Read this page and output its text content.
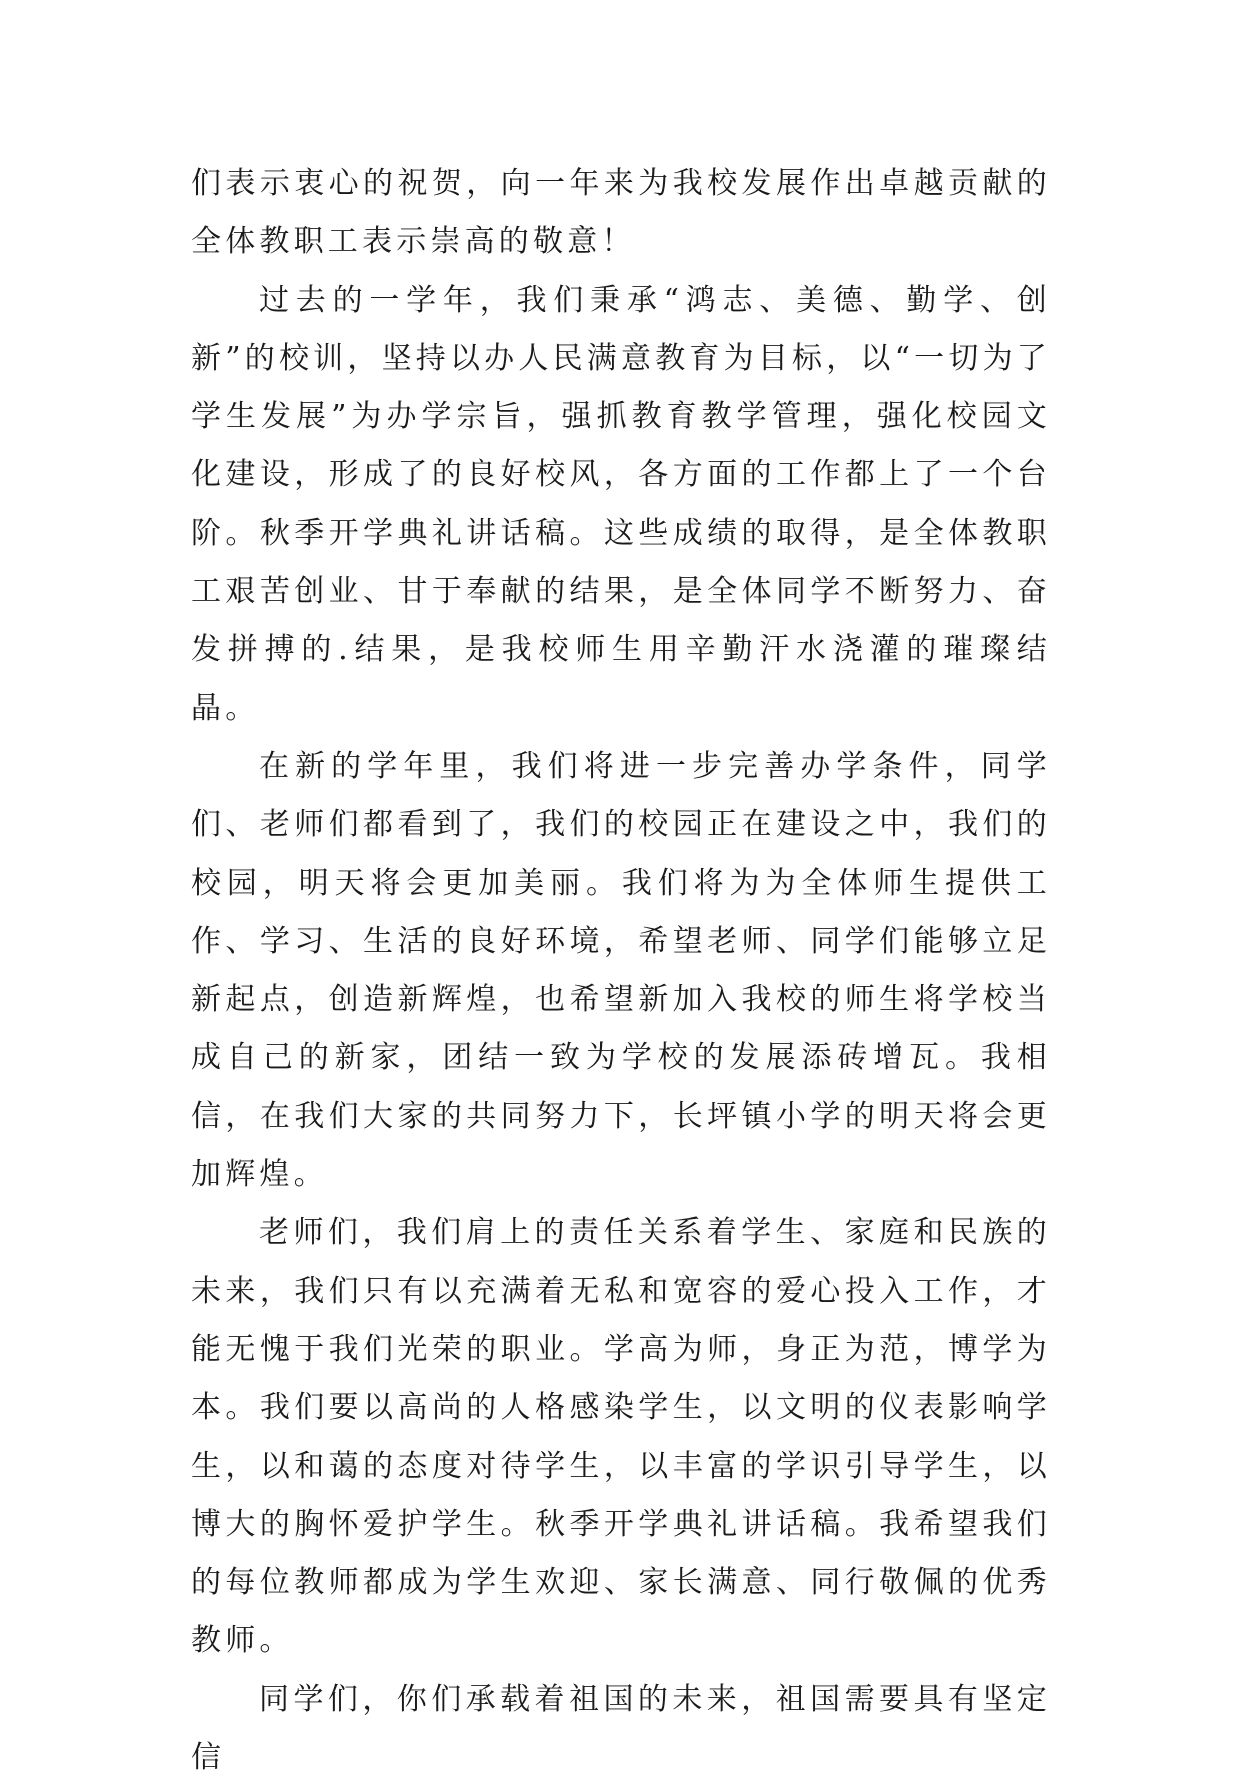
们表示衷心的祝贺，向一年来为我校发展作出卓越贡献的全体教职工表示崇高的敬意！

过去的一学年，我们秉承“鸿志、美德、勤学、创新”的校训，坚持以办人民满意教育为目标，以“一切为了学生发展”为办学宗旨，强抓教育教学管理，强化校园文化建设，形成了的良好校风，各方面的工作都上了一个台阶。秋季开学典礼讲话稿。这些成绩的取得，是全体教职工艰苦创业、甘于奉献的结果，是全体同学不断努力、奋发拼搏的.结果，是我校师生用辛勤汗水浇灌的璀璨结晶。

在新的学年里，我们将进一步完善办学条件，同学们、老师们都看到了，我们的校园正在建设之中，我们的校园，明天将会更加美丽。我们将为为全体师生提供工作、学习、生活的良好环境，希望老师、同学们能够立足新起点，创造新辉煌，也希望新加入我校的师生将学校当成自己的新家，团结一致为学校的发展添砖增瓦。我相信，在我们大家的共同努力下，长坪镇小学的明天将会更加辉煌。

老师们，我们肩上的责任关系着学生、家庭和民族的未来，我们只有以充满着无私和宽容的爱心投入工作，才能无愧于我们光荣的职业。学高为师，身正为范，博学为本。我们要以高尚的人格感染学生，以文明的仪表影响学生，以和蔼的态度对待学生，以丰富的学识引导学生，以博大的胸怀爱护学生。秋季开学典礼讲话稿。我希望我们的每位教师都成为学生欢迎、家长满意、同行敬佩的优秀教师。

同学们，你们承载着祖国的未来，祖国需要具有坚定信
